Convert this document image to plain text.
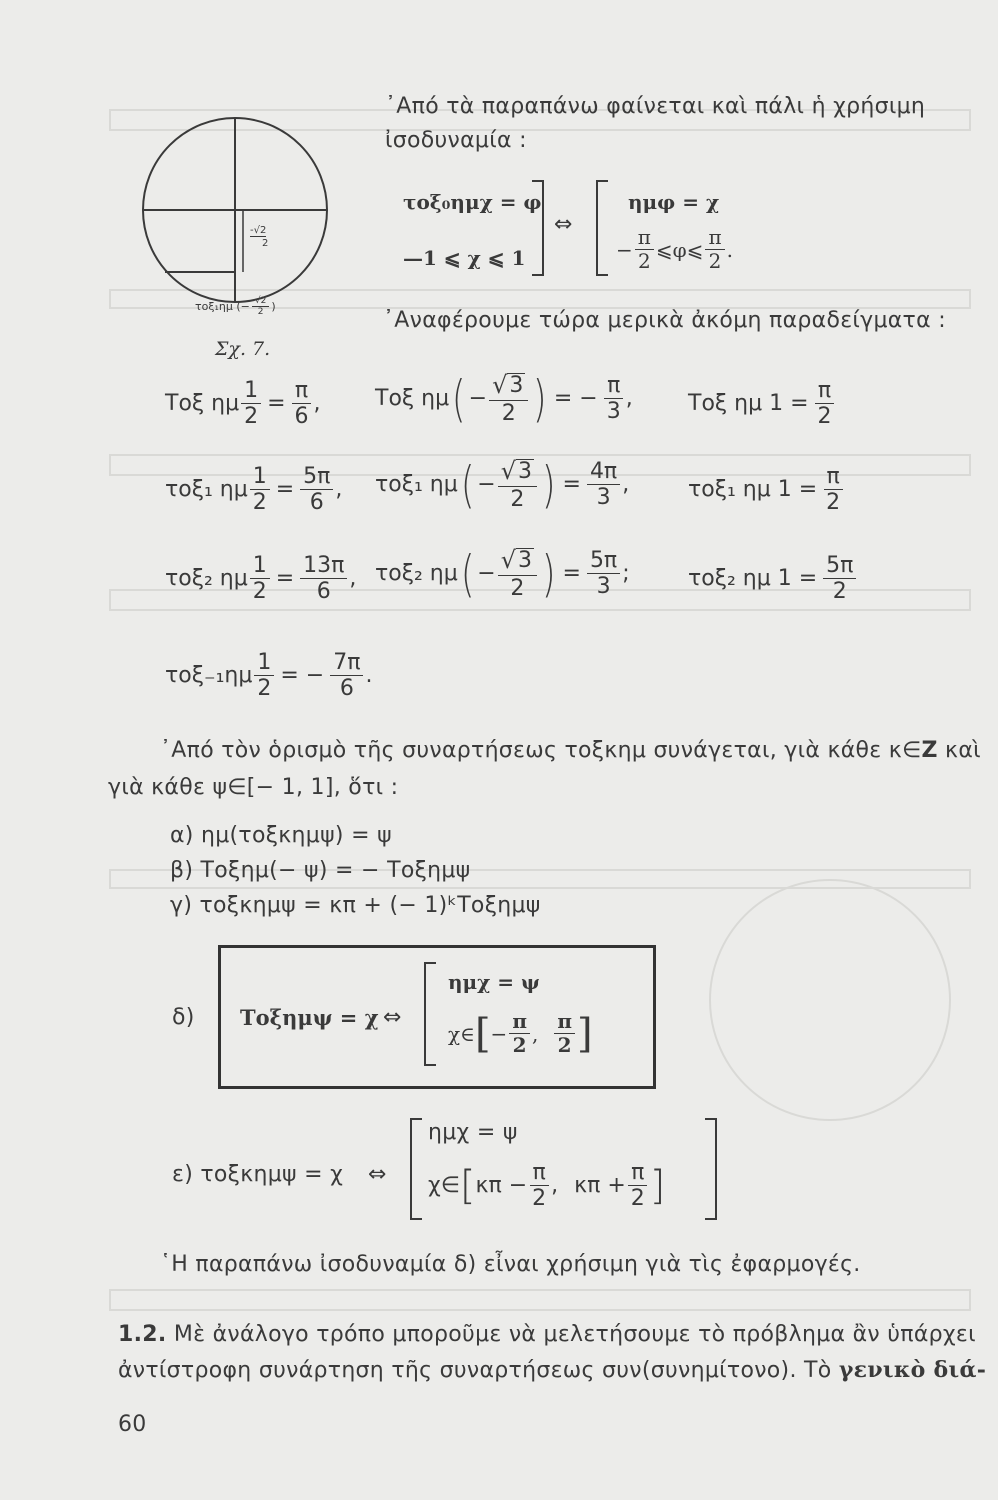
-√2
2
τοξ₁ημ (− $\frac{√2}{2}$ )
Σχ. 7.
᾿Από τὰ παραπάνω φαίνεται καὶ πάλι ἡ χρήσιμη
ἰσοδυναμία :
τοξ₀ημχ = φ
—1 ⩽ χ ⩽ 1
⇔
ημφ = χ
− $\frac{\pi}{2}$ ⩽φ⩽ $\frac{\pi}{2}$ .
᾿Αναφέρουμε τώρα μερικὰ ἀκόμη παραδείγματα :
Τοξ ημ $\frac{1}{2} = \frac{\pi}{6}$ , Τοξ ημ ( − $\frac{√ 3}{2}$ ) = − $\frac{\pi}{3}$ ,	Τοξ ημ $1 = \frac{\pi}{2}$
τοξ₁ ημ $\frac{1}{2} = \frac{5\pi}{6}$ , τοξ₁ ημ ( − $\frac{√ 3}{2}$ ) = $\frac{4\pi}{3}$ ,	τοξ₁ ημ $1 = \frac{\pi}{2}$
τοξ₂ ημ $\frac{1}{2} = \frac{13\pi}{6}$ , τοξ₂ ημ ( − $\frac{√ 3}{2}$ ) = $\frac{5\pi}{3}$ ;	τοξ₂ ημ $1 = \frac{5\pi}{2}$
$\tau o\xi_{-1}\eta\mu \frac{1}{2}$ = − $\frac{7\pi}{6}$ .
᾿Από τὸν ὁρισμὸ τῆς συναρτήσεως τοξκημ συνάγεται, γιὰ κάθε κ∈Z καὶ
γιὰ κάθε ψ∈[− 1, 1], ὅτι :
α) ημ(τοξκημψ) = ψ
β) Τοξημ(− ψ) = − Τοξημψ
γ) τοξκημψ = κπ + (− 1)ᵏΤοξημψ
δ) Τοξημψ = χ ⇔
ημχ = ψ
χ∈ [ − $\frac{\pi}{2}$ , $\frac{\pi}{2}$ ]
ε) τοξκημψ = χ ⇔
ημχ = ψ
χ∈ [ $\kappa\pi - \frac{\pi}{2}$ , $\kappa\pi + \frac{\pi}{2}$ ]
῾Η παραπάνω ἰσοδυναμία δ) εἶναι χρήσιμη γιὰ τὶς ἐφαρμογές.
1.2. Μὲ ἀνάλογο τρόπο μπορoῦμε νὰ μελετήσουμε τὸ πρόβλημα ἂν ὑπάρχει
ἀντίστροφη συνάρτηση τῆς συναρτήσεως συν(συνημίτονο). Τὸ γενικὸ διά-
60
